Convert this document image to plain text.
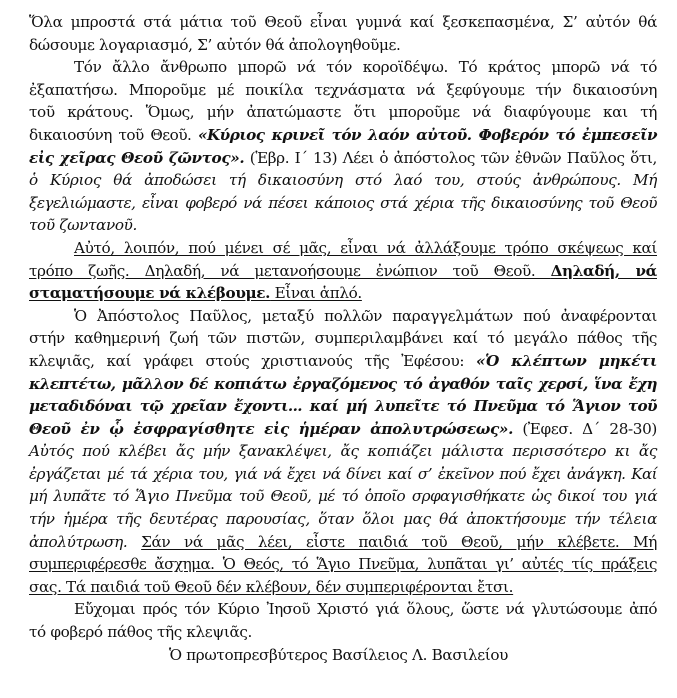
Ὅλα μπροστά στά μάτια τοῦ Θεοῦ εἶναι γυμνά καί ξεσκεπασμένα, Σ’ αὐτόν θά
δώσουμε λογαριασμό, Σ’ αὐτόν θά ἀπολογηθοῦμε.
Τόν ἄλλο ἄνθρωπο μπορῶ νά τόν κοροϊδέψω. Τό κράτος μπορῶ νά τό
ἐξαπατήσω. Μποροῦμε μέ ποικίλα τεχνάσματα νά ξεφύγουμε τήν δικαιοσύνη
τοῦ κράτους. Ὅμως, μήν ἀπατώμαστε ὅτι μποροῦμε νά διαφύγουμε και τή
δικαιοσύνη τοῦ Θεοῦ. «Κύριος κρινεῖ τόν λαόν αὐτοῦ. Φοβερόν τό ἐμπεσεῖν
εἰς χεῖρας Θεοῦ ζῶντος». (Ἑβρ. Ι΄ 13) Λέει ὁ ἀπόστολος τῶν ἐθνῶν Παῦλος ὅτι,
ὁ Κύριος θά ἀποδώσει τή δικαιοσύνη στό λαό του, στούς ἀνθρώπους. Μή
ξεγελιώμαστε, εἶναι φοβερό νά πέσει κάποιος στά χέρια τῆς δικαιοσύνης τοῦ Θεοῦ
τοῦ ζωντανοῦ.
Αὐτό, λοιπόν, πού μένει σέ μᾶς, εἶναι νά ἀλλάξουμε τρόπο σκέψεως καί
τρόπο ζωῆς. Δηλαδή, νά μετανοήσουμε ἐνώπιον τοῦ Θεοῦ. Δηλαδή, νά
σταματήσουμε νά κλέβουμε. Εἶναι ἁπλό.
Ὁ Ἀπόστολος Παῦλος, μεταξύ πολλῶν παραγγελμάτων πού ἀναφέρονται
στήν καθημερινή ζωή τῶν πιστῶν, συμπεριλαμβάνει καί τό μεγάλο πάθος τῆς
κλεψιᾶς, καί γράφει στούς χριστιανούς τῆς Ἐφέσου: «Ὁ κλέπτων μηκέτι
κλεπτέτω, μᾶλλον δέ κοπιάτω ἐργαζόμενος τό ἀγαθόν ταῖς χερσί, ἵνα ἔχη
μεταδιδόναι τῷ χρεῖαν ἔχοντι... καί μή λυπεῖτε τό Πνεῦμα τό Ἅγιον τοῦ
Θεοῦ ἐν ᾧ ἐσφραγίσθητε εἰς ἡμέραν ἀπολυτρώσεως». (Ἐφεσ. Δ΄ 28-30)
Αὐτός πού κλέβει ἄς μήν ξανακλέψει, ἄς κοπιάζει μάλιστα περισσότερο κι ἄς
ἐργάζεται μέ τά χέρια του, γιά νά ἔχει νά δίνει καί σ’ ἐκεῖνον πού ἔχει ἀνάγκη. Καί
μή λυπᾶτε τό Ἅγιο Πνεῦμα τοῦ Θεοῦ, μέ τό ὁποῖο σρφαγισθήκατε ὡς δικοί του γιά
τήν ἡμέρα τῆς δευτέρας παρουσίας, ὅταν ὅλοι μας θά ἀποκτήσουμε τήν τέλεια
ἀπολύτρωση. Σάν νά μᾶς λέει, εἶστε παιδιά τοῦ Θεοῦ, μήν κλέβετε. Μή
συμπεριφέρεσθε ἄσχημα. Ὁ Θεός, τό Ἅγιο Πνεῦμα, λυπᾶται γι’ αὐτές τίς πράξεις
σας. Τά παιδιά τοῦ Θεοῦ δέν κλέβουν, δέν συμπεριφέρονται ἔτσι.
Εὔχομαι πρός τόν Κύριο Ἰησοῦ Χριστό γιά ὅλους, ὥστε νά γλυτώσουμε ἀπό
τό φοβερό πάθος τῆς κλεψιᾶς.
Ὁ πρωτοπρεσβύτερος Βασίλειος Λ. Βασιλείου
